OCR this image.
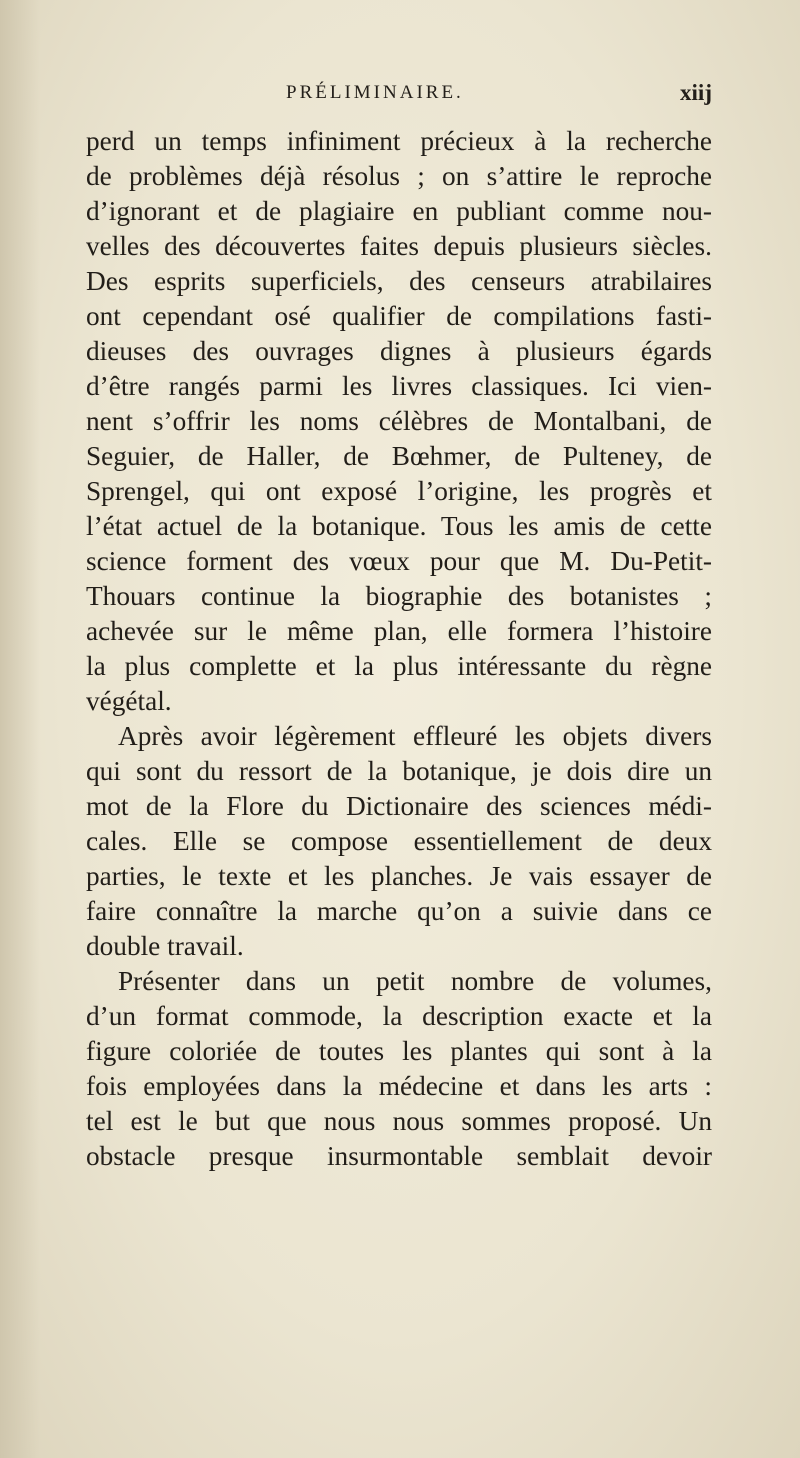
PRÉLIMINAIRE.	xiij
perd un temps infiniment précieux à la recherche
de problèmes déjà résolus ; on s’attire le reproche
d’ignorant et de plagiaire en publiant comme nou-
velles des découvertes faites depuis plusieurs siècles.
Des esprits superficiels, des censeurs atrabilaires
ont cependant osé qualifier de compilations fasti-
dieuses des ouvrages dignes à plusieurs égards
d’être rangés parmi les livres classiques. Ici vien-
nent s’offrir les noms célèbres de Montalbani, de
Seguier, de Haller, de Bœhmer, de Pulteney, de
Sprengel, qui ont exposé l’origine, les progrès et
l’état actuel de la botanique. Tous les amis de cette
science forment des vœux pour que M. Du-Petit-
Thouars continue la biographie des botanistes ;
achevée sur le même plan, elle formera l’histoire
la plus complette et la plus intéressante du règne
végétal.
Après avoir légèrement effleuré les objets divers
qui sont du ressort de la botanique, je dois dire un
mot de la Flore du Dictionaire des sciences médi-
cales. Elle se compose essentiellement de deux
parties, le texte et les planches. Je vais essayer de
faire connaître la marche qu’on a suivie dans ce
double travail.
Présenter dans un petit nombre de volumes,
d’un format commode, la description exacte et la
figure coloriée de toutes les plantes qui sont à la
fois employées dans la médecine et dans les arts :
tel est le but que nous nous sommes proposé. Un
obstacle presque insurmontable semblait devoir
